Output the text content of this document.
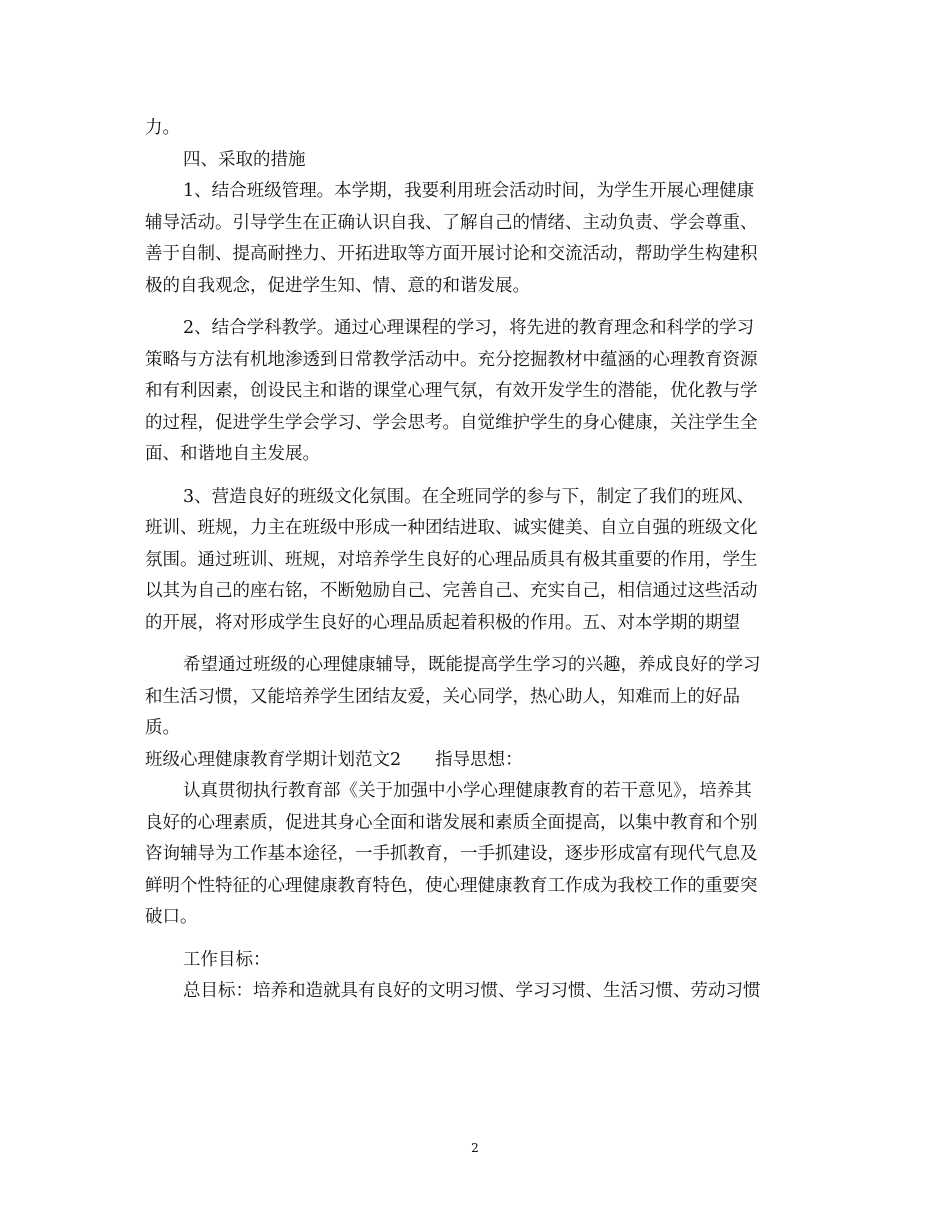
力。
四、采取的措施
1、结合班级管理。本学期，我要利用班会活动时间，为学生开展心理健康
辅导活动。引导学生在正确认识自我、了解自己的情绪、主动负责、学会尊重、
善于自制、提高耐挫力、开拓进取等方面开展讨论和交流活动，帮助学生构建积
极的自我观念，促进学生知、情、意的和谐发展。
2、结合学科教学。通过心理课程的学习，将先进的教育理念和科学的学习
策略与方法有机地渗透到日常教学活动中。充分挖掘教材中蕴涵的心理教育资源
和有利因素，创设民主和谐的课堂心理气氛，有效开发学生的潜能，优化教与学
的过程，促进学生学会学习、学会思考。自觉维护学生的身心健康，关注学生全
面、和谐地自主发展。
3、营造良好的班级文化氛围。在全班同学的参与下，制定了我们的班风、
班训、班规，力主在班级中形成一种团结进取、诚实健美、自立自强的班级文化
氛围。通过班训、班规，对培养学生良好的心理品质具有极其重要的作用，学生
以其为自己的座右铭，不断勉励自己、完善自己、充实自己，相信通过这些活动
的开展，将对形成学生良好的心理品质起着积极的作用。五、对本学期的期望
希望通过班级的心理健康辅导，既能提高学生学习的兴趣，养成良好的学习
和生活习惯，又能培养学生团结友爱，关心同学，热心助人，知难而上的好品
质。
班级心理健康教育学期计划范文2 指导思想：
认真贯彻执行教育部《关于加强中小学心理健康教育的若干意见》，培养其
良好的心理素质，促进其身心全面和谐发展和素质全面提高，以集中教育和个别
咨询辅导为工作基本途径，一手抓教育，一手抓建设，逐步形成富有现代气息及
鲜明个性特征的心理健康教育特色，使心理健康教育工作成为我校工作的重要突
破口。
工作目标：
总目标：培养和造就具有良好的文明习惯、学习习惯、生活习惯、劳动习惯
2
